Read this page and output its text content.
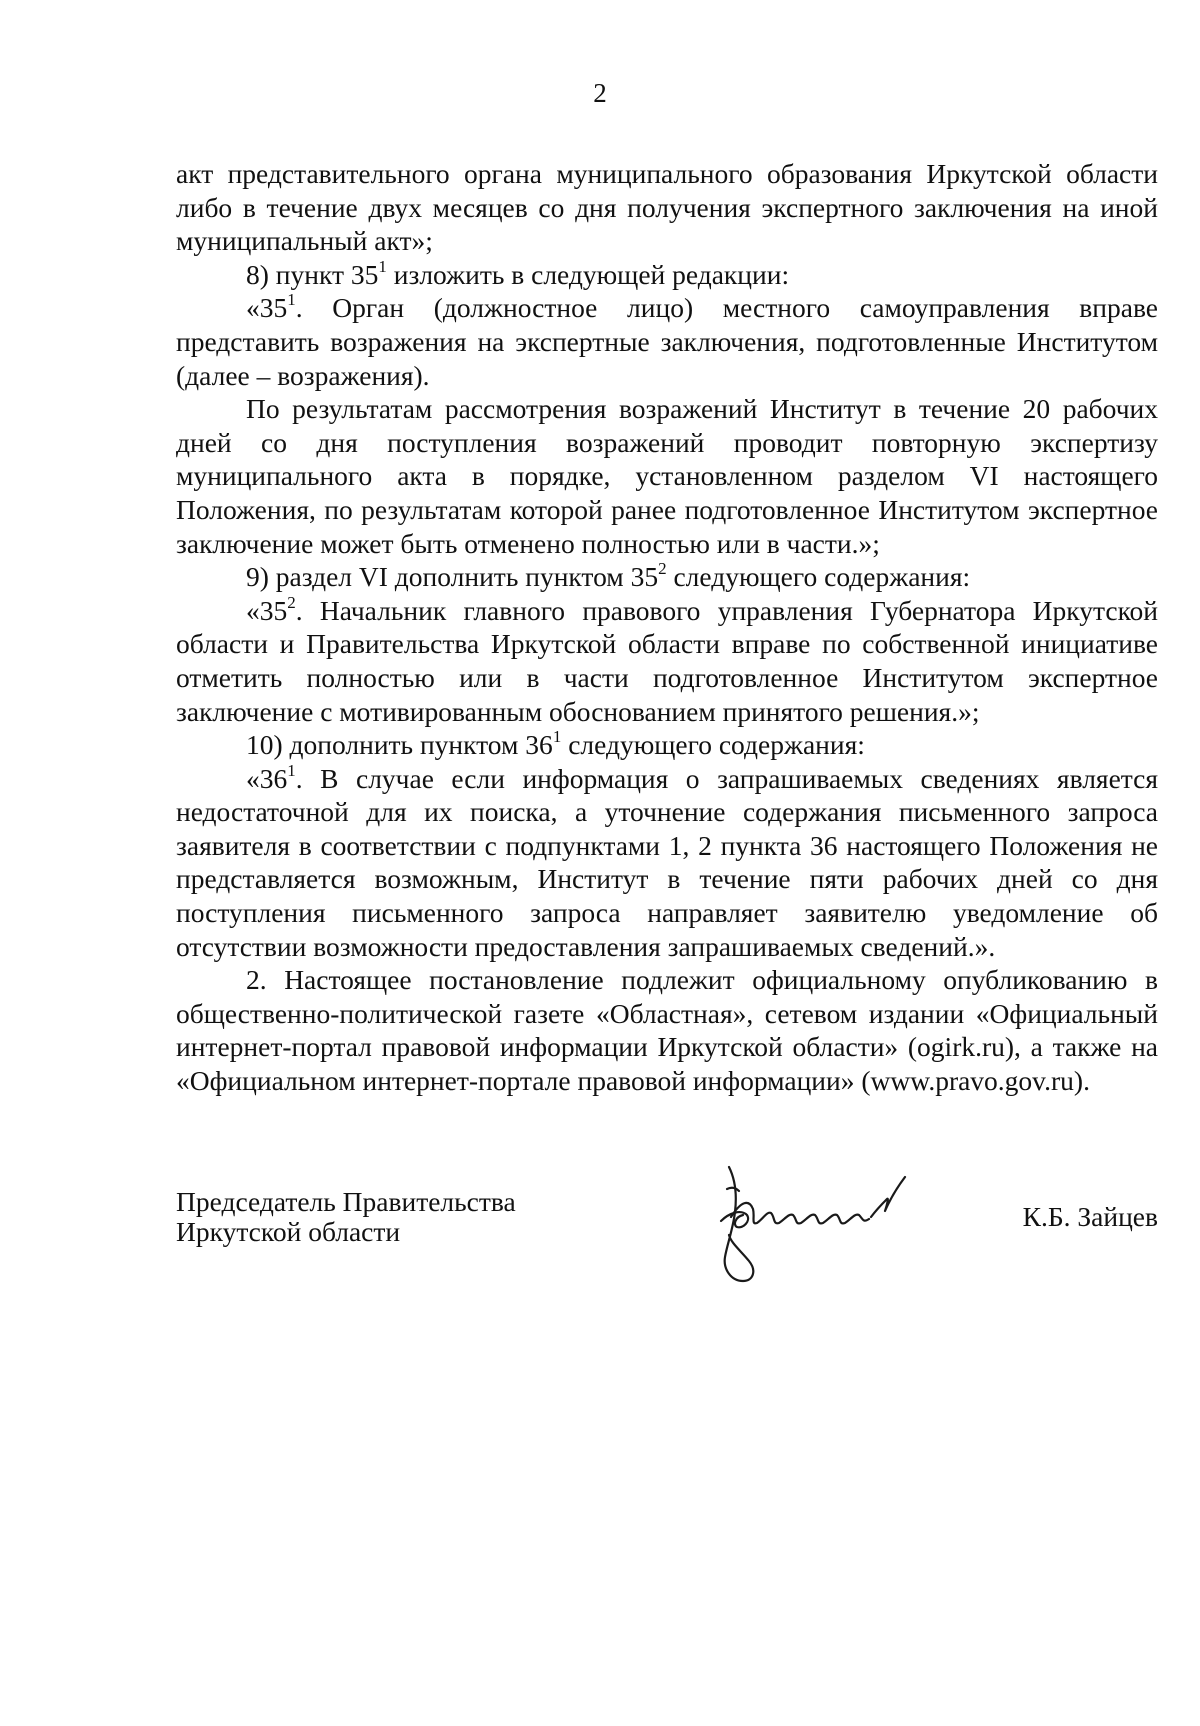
2

акт представительного органа муниципального образования Иркутской области либо в течение двух месяцев со дня получения экспертного заключения на иной муниципальный акт»;

8) пункт $35^1$ изложить в следующей редакции:

«$35^1$. Орган (должностное лицо) местного самоуправления вправе представить возражения на экспертные заключения, подготовленные Институтом (далее – возражения).

По результатам рассмотрения возражений Институт в течение 20 рабочих дней со дня поступления возражений проводит повторную экспертизу муниципального акта в порядке, установленном разделом VI настоящего Положения, по результатам которой ранее подготовленное Институтом экспертное заключение может быть отменено полностью или в части.»;

9) раздел VI дополнить пунктом $35^2$ следующего содержания:

«$35^2$. Начальник главного правового управления Губернатора Иркутской области и Правительства Иркутской области вправе по собственной инициативе отметить полностью или в части подготовленное Институтом экспертное заключение с мотивированным обоснованием принятого решения.»;

10) дополнить пунктом $36^1$ следующего содержания:

«$36^1$. В случае если информация о запрашиваемых сведениях является недостаточной для их поиска, а уточнение содержания письменного запроса заявителя в соответствии с подпунктами 1, 2 пункта 36 настоящего Положения не представляется возможным, Институт в течение пяти рабочих дней со дня поступления письменного запроса направляет заявителю уведомление об отсутствии возможности предоставления запрашиваемых сведений.».

2. Настоящее постановление подлежит официальному опубликованию в общественно-политической газете «Областная», сетевом издании «Официальный интернет-портал правовой информации Иркутской области» (ogirk.ru), а также на «Официальном интернет-портале правовой информации» (www.pravo.gov.ru).

Председатель Правительства
Иркутской области	К.Б. Зайцев
